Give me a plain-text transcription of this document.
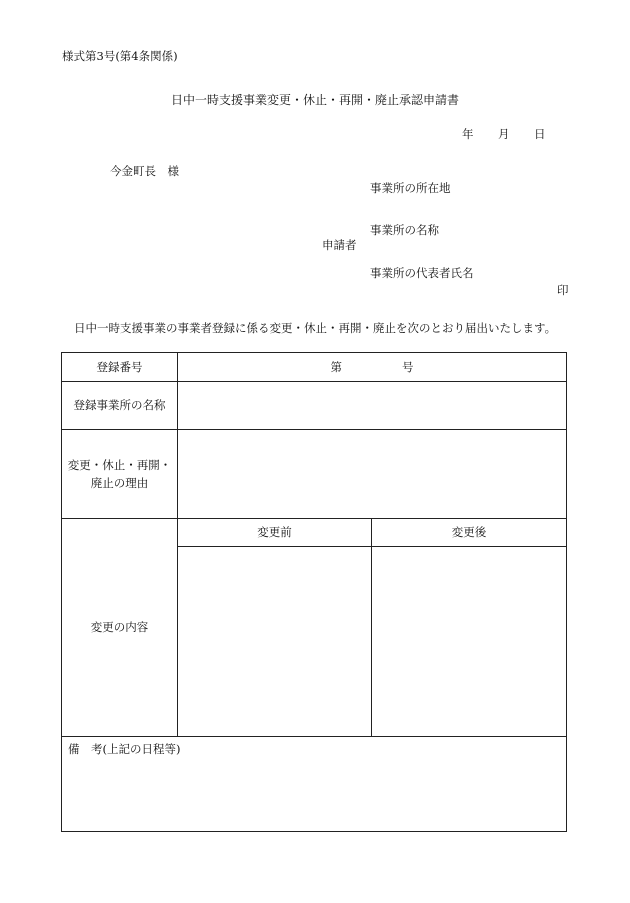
様式第3号(第4条関係)
日中一時支援事業変更・休止・再開・廃止承認申請書
年 月 日
今金町長　様
事業所の所在地
事業所の名称
申請者
事業所の代表者氏名
印
日中一時支援事業の事業者登録に係る変更・休止・再開・廃止を次のとおり届出いたします。
登録番号	第 号	
登録事業所の名称		

変更・休止・再開・
廃止の理由		

変更の内容	変更前	変更後

備　考(上記の日程等)		
